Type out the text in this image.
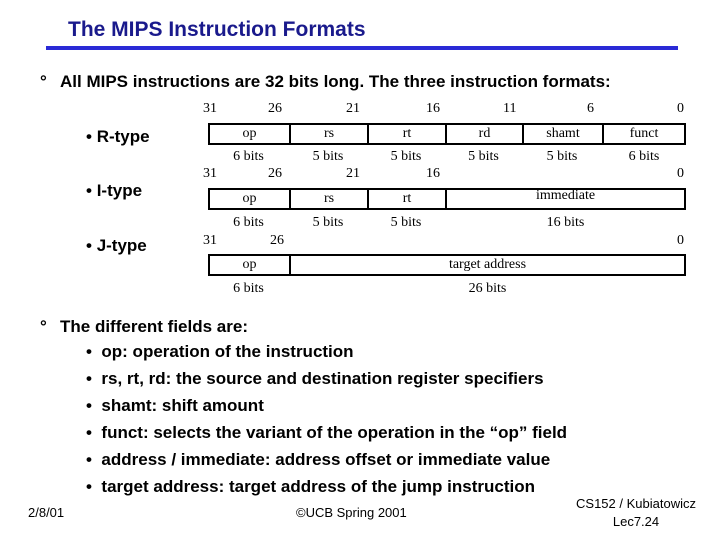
The MIPS Instruction Formats
° All MIPS instructions are 32 bits long. The three instruction formats:
• R-type
• I-type
• J-type
31	26	21	16	11	6	0
op	rs	rt	rd	shamt	funct
6 bits	5 bits	5 bits	5 bits	5 bits	6 bits
31	26	21	16	0
op	rs	rt	immediate
6 bits	5 bits	5 bits	16 bits
31	26	0
op	target address
6 bits	26 bits
° The different fields are:
•  op: operation of the instruction
•  rs, rt, rd: the source and destination register specifiers
•  shamt: shift amount
•  funct: selects the variant of the operation in the “op” field
•  address / immediate: address offset or immediate value
•  target address: target address of the jump instruction
2/8/01	©UCB Spring 2001
CS152 / Kubiatowicz
Lec7.24
